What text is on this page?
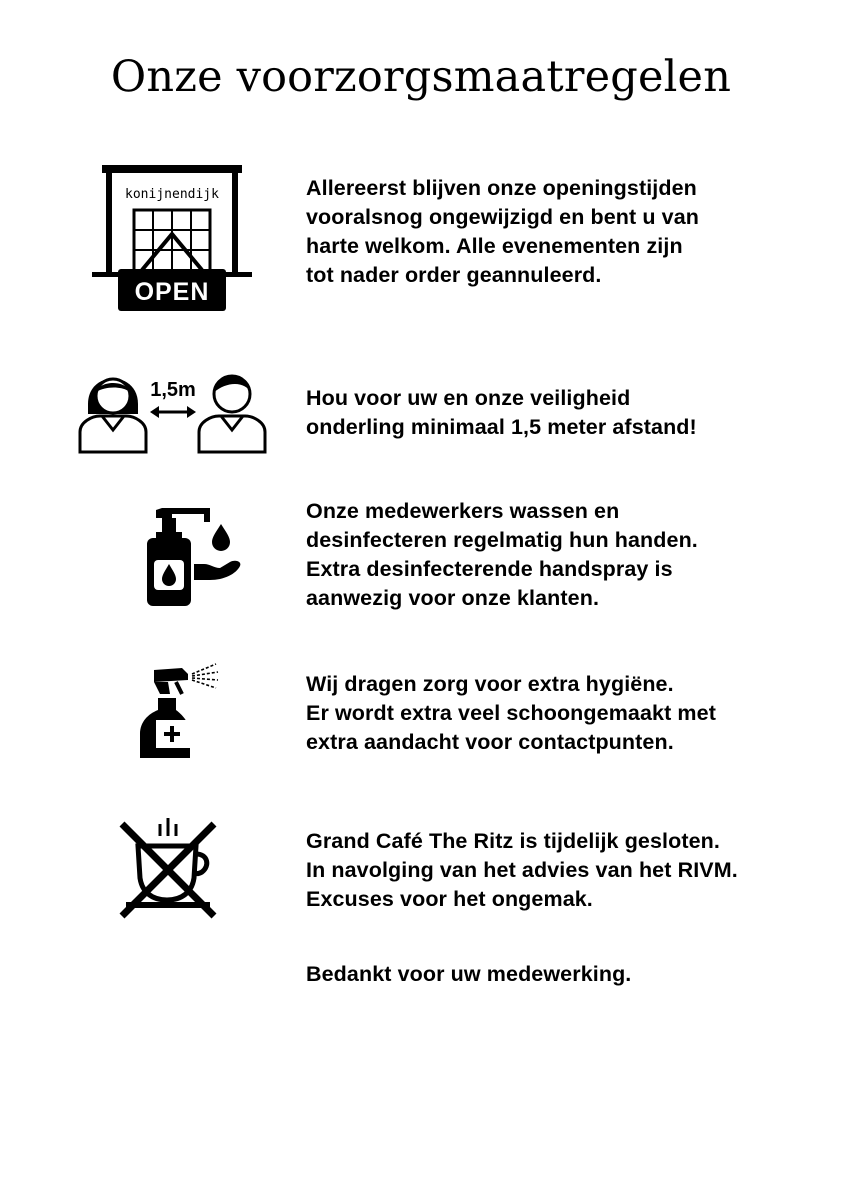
Onze voorzorgsmaatregelen
konijnendijk
OPEN

Allereerst blijven onze openingstijden
vooralsnog ongewijzigd en bent u van
harte welkom. Alle evenementen zijn
tot nader order geannuleerd.

1,5m	Hou voor uw en onze veiligheid
onderling minimaal 1,5 meter afstand!

Onze medewerkers wassen en
desinfecteren regelmatig hun handen.
Extra desinfecterende handspray is
aanwezig voor onze klanten.

Wij dragen zorg voor extra hygiëne.
Er wordt extra veel schoongemaakt met
extra aandacht voor contactpunten.

Grand Café The Ritz is tijdelijk gesloten.
In navolging van het advies van het RIVM.
Excuses voor het ongemak.

Bedankt voor uw medewerking.
